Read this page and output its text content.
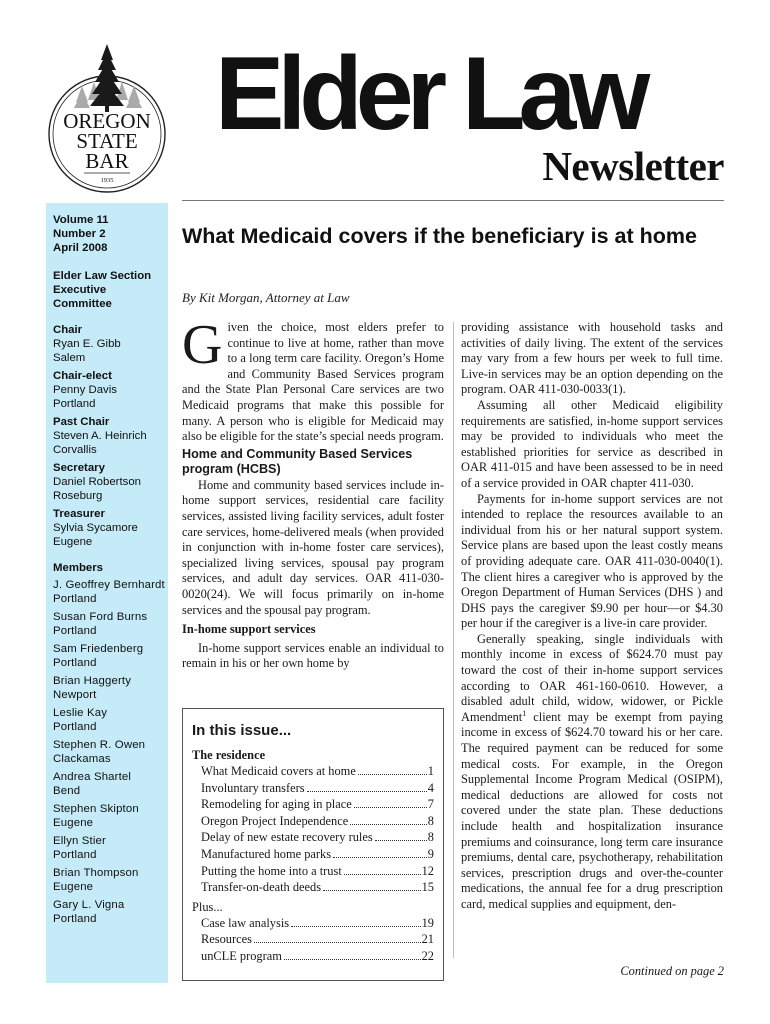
OREGON
STATE
BAR
1935
Elder Law
Newsletter
Volume 11
Number 2
April 2008
Elder Law Section
Executive
Committee
Chair
Ryan E. Gibb
Salem
Chair-elect
Penny Davis
Portland
Past Chair
Steven A. Heinrich
Corvallis
Secretary
Daniel Robertson
Roseburg
Treasurer
Sylvia Sycamore
Eugene
Members
J. Geoffrey Bernhardt
Portland
Susan Ford Burns
Portland
Sam Friedenberg
Portland
Brian Haggerty
Newport
Leslie Kay
Portland
Stephen R. Owen
Clackamas
Andrea Shartel
Bend
Stephen Skipton
Eugene
Ellyn Stier
Portland
Brian Thompson
Eugene
Gary L. Vigna
Portland
What Medicaid covers if the beneficiary is at home
By Kit Morgan, Attorney at Law

Given the choice, most elders prefer to continue to live at home, rather than move to a long term care facility. Oregon’s Home and Community Based Services program and the State Plan Personal Care services are two Medicaid programs that make this possible for many. A person who is eligible for Medicaid may also be eligible for the state’s special needs program.

Home and Community Based Services program (HCBS)

Home and community based services include in-home support services, residential care facility services, assisted living facility services, adult foster care services, home-delivered meals (when provided in conjunction with in-home foster care services), specialized living services, spousal pay program services, and adult day services. OAR 411-030-0020(24). We will focus primarily on in-home services and the spousal pay program.

In-home support services

In-home support services enable an individual to remain in his or her own home by

providing assistance with household tasks and activities of daily living. The extent of the services may vary from a few hours per week to full time. Live-in services may be an option depending on the program. OAR 411-030-0033(1).

Assuming all other Medicaid eligibility requirements are satisfied, in-home support services may be provided to individuals who meet the established priorities for service as described in OAR 411-015 and have been assessed to be in need of a service provided in OAR chapter 411-030.

Payments for in-home support services are not intended to replace the resources available to an individual from his or her natural support system. Service plans are based upon the least costly means of providing adequate care. OAR 411-030-0040(1). The client hires a caregiver who is approved by the Oregon Department of Human Services (DHS ) and DHS pays the caregiver $9.90 per hour—or $4.30 per hour if the caregiver is a live-in care provider.

Generally speaking, single individuals with monthly income in excess of $624.70 must pay toward the cost of their in-home support services according to OAR 461-160-0610. However, a disabled adult child, widow, widower, or Pickle Amendment$^1$ client may be exempt from paying income in excess of $624.70 toward his or her care. The required payment can be reduced for some medical costs. For example, in the Oregon Supplemental Income Program Medical (OSIPM), medical deductions are allowed for costs not covered under the state plan. These deductions include health and hospitalization insurance premiums and coinsurance, long term care insurance premiums, dental care, psychotherapy, rehabilitation services, prescription drugs and over-the-counter medications, the annual fee for a drug prescription card, medical supplies and equipment, den-

In this issue...
The residence
What Medicaid covers at home	1
Involuntary transfers	4
Remodeling for aging in place	7
Oregon Project Independence	8
Delay of new estate recovery rules	8
Manufactured home parks	9
Putting the home into a trust	12
Transfer-on-death deeds	15
Plus...
Case law analysis	19
Resources	21
unCLE program	22
Continued on page 2
